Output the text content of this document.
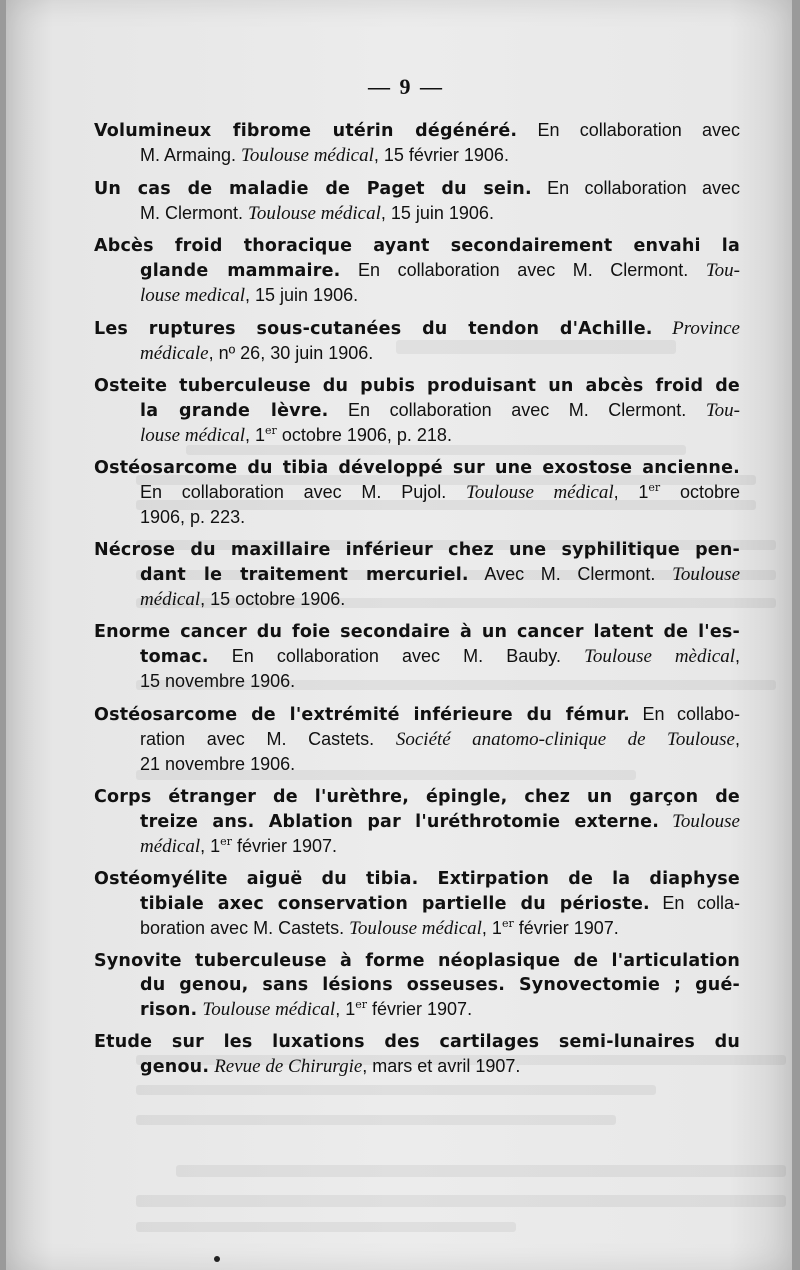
— 9 —
Volumineux fibrome utérin dégénéré. En collaboration avec
M. Armaing. Toulouse médical, 15 février 1906.
Un cas de maladie de Paget du sein. En collaboration avec
M. Clermont. Toulouse médical, 15 juin 1906.
Abcès froid thoracique ayant secondairement envahi la
glande mammaire. En collaboration avec M. Clermont. Tou-
louse medical, 15 juin 1906.
Les ruptures sous-cutanées du tendon d'Achille. Province
médicale, nº 26, 30 juin 1906.
Osteite tuberculeuse du pubis produisant un abcès froid de
la grande lèvre. En collaboration avec M. Clermont. Tou-
louse médical, 1er octobre 1906, p. 218.
Ostéosarcome du tibia développé sur une exostose ancienne.
En collaboration avec M. Pujol. Toulouse médical, 1er octobre
1906, p. 223.
Nécrose du maxillaire inférieur chez une syphilitique pen-
dant le traitement mercuriel. Avec M. Clermont. Toulouse
médical, 15 octobre 1906.
Enorme cancer du foie secondaire à un cancer latent de l'es-
tomac. En collaboration avec M. Bauby. Toulouse mèdical,
15 novembre 1906.
Ostéosarcome de l'extrémité inférieure du fémur. En collabo-
ration avec M. Castets. Société anatomo-clinique de Toulouse,
21 novembre 1906.
Corps étranger de l'urèthre, épingle, chez un garçon de
treize ans. Ablation par l'uréthrotomie externe. Toulouse
médical, 1er février 1907.
Ostéomyélite aiguë du tibia. Extirpation de la diaphyse
tibiale axec conservation partielle du périoste. En colla-
boration avec M. Castets. Toulouse médical, 1er février 1907.
Synovite tuberculeuse à forme néoplasique de l'articulation
du genou, sans lésions osseuses. Synovectomie ; gué-
rison. Toulouse médical, 1er février 1907.
Etude sur les luxations des cartilages semi-lunaires du
genou. Revue de Chirurgie, mars et avril 1907.
